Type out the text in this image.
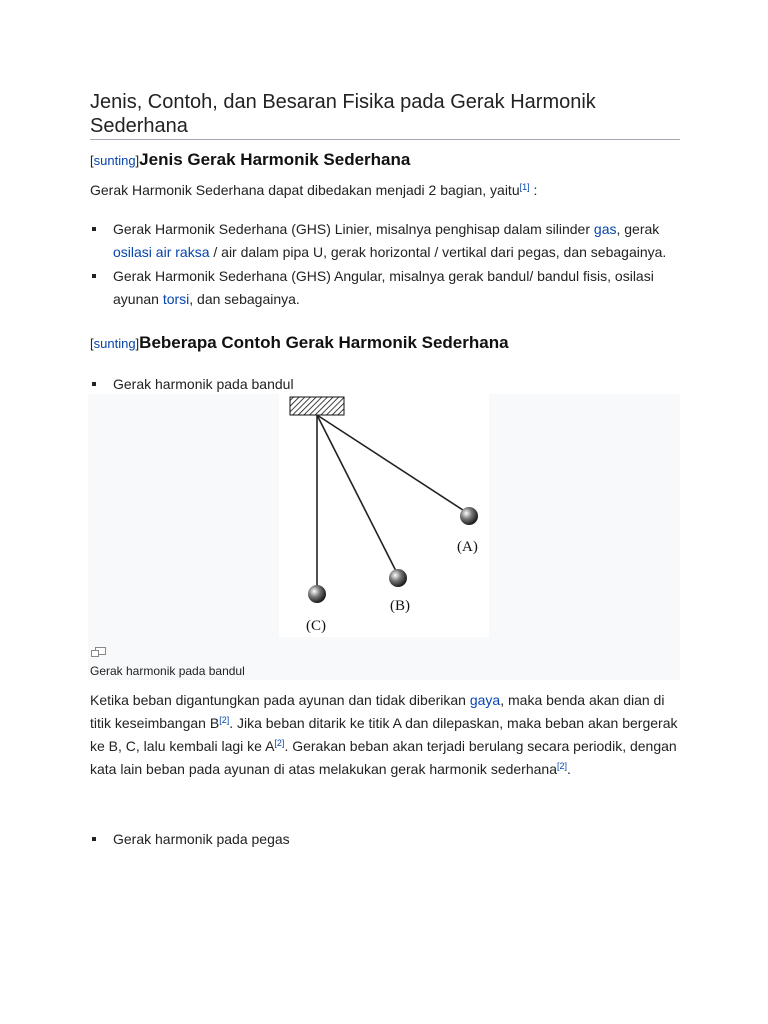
Jenis, Contoh, dan Besaran Fisika pada Gerak Harmonik Sederhana
[sunting]Jenis Gerak Harmonik Sederhana

Gerak Harmonik Sederhana dapat dibedakan menjadi 2 bagian, yaitu[1] :

Gerak Harmonik Sederhana (GHS) Linier, misalnya penghisap dalam silinder gas, gerak osilasi air raksa / air dalam pipa U, gerak horizontal / vertikal dari pegas, dan sebagainya.
Gerak Harmonik Sederhana (GHS) Angular, misalnya gerak bandul/ bandul fisis, osilasi ayunan torsi, dan sebagainya.
[sunting]Beberapa Contoh Gerak Harmonik Sederhana
Gerak harmonik pada bandul
(A)
(B)
(C)
Gerak harmonik pada bandul

Ketika beban digantungkan pada ayunan dan tidak diberikan gaya, maka benda akan dian di titik keseimbangan B[2]. Jika beban ditarik ke titik A dan dilepaskan, maka beban akan bergerak ke B, C, lalu kembali lagi ke A[2]. Gerakan beban akan terjadi berulang secara periodik, dengan kata lain beban pada ayunan di atas melakukan gerak harmonik sederhana[2].

Gerak harmonik pada pegas
